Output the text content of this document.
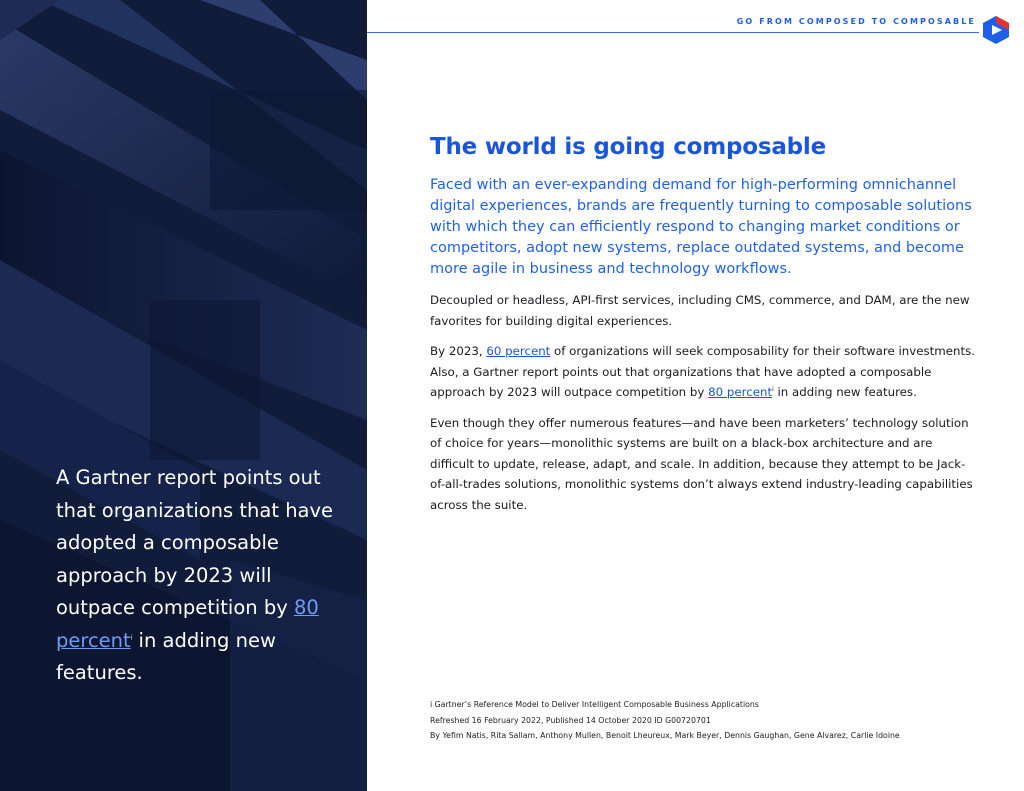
A Gartner report points out that organizations that have adopted a composable approach by 2023 will outpace competition by 80 percent$^i$ in adding new features.

GO FROM COMPOSED TO COMPOSABLE

The world is going composable

Faced with an ever-expanding demand for high-performing omnichannel digital experiences, brands are frequently turning to composable solutions with which they can efficiently respond to changing market conditions or competitors, adopt new systems, replace outdated systems, and become more agile in business and technology workflows.

Decoupled or headless, API-first services, including CMS, commerce, and DAM, are the new favorites for building digital experiences.

By 2023, 60 percent of organizations will seek composability for their software investments. Also, a Gartner report points out that organizations that have adopted a composable approach by 2023 will outpace competition by 80 percent$^i$ in adding new features.

Even though they offer numerous features—and have been marketers’ technology solution of choice for years—monolithic systems are built on a black-box architecture and are difficult to update, release, adapt, and scale. In addition, because they attempt to be Jack-of-all-trades solutions, monolithic systems don’t always extend industry-leading capabilities across the suite.

i Gartner’s Reference Model to Deliver Intelligent Composable Business Applications

Refreshed 16 February 2022, Published 14 October 2020 ID G00720701

By Yefim Natis, Rita Sallam, Anthony Mullen, Benoit Lheureux, Mark Beyer, Dennis Gaughan, Gene Alvarez, Carlie Idoine
